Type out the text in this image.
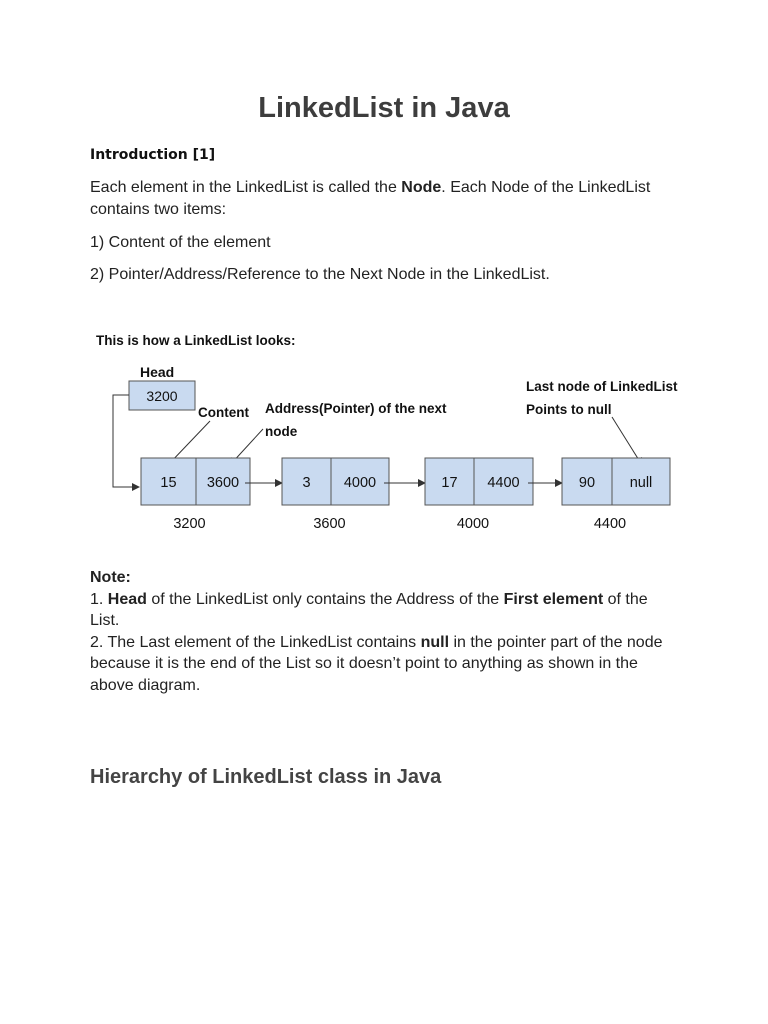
LinkedList in Java

Introduction [1]

Each element in the LinkedList is called the Node. Each Node of the LinkedList contains two items:

1) Content of the element

2) Pointer/Address/Reference to the Next Node in the LinkedList.

Note:
1. Head of the LinkedList only contains the Address of the First element of the List.
2. The Last element of the LinkedList contains null in the pointer part of the node because it is the end of the List so it doesn’t point to anything as shown in the above diagram.
Hierarchy of LinkedList class in Java
This is how a LinkedList looks:
Head
3200
Content Address(Pointer) of the next
node
Last node of LinkedList
Points to null
15 3600
3200
3 4000
3600
17 4400
4000
90 null
4400
